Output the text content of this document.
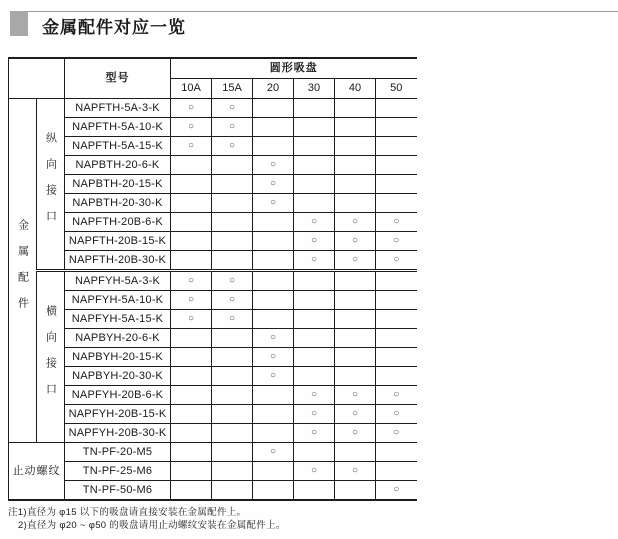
金属配件对应一览
		型号	圆形吸盘					
			10A	15A	20	30	40	50

金属配件	纵向接口	NAPFTH-5A-3-K	○	○				
		NAPFTH-5A-10-K	○	○				
		NAPFTH-5A-15-K	○	○				
		NAPBTH-20-6-K			○			
		NAPBTH-20-15-K			○			
		NAPBTH-20-30-K			○			
		NAPFTH-20B-6-K				○	○	○
		NAPFTH-20B-15-K				○	○	○
		NAPFTH-20B-30-K				○	○	○

	横向接口	NAPFYH-5A-3-K	○	○				
		NAPFYH-5A-10-K	○	○				
		NAPFYH-5A-15-K	○	○				
		NAPBYH-20-6-K			○			
		NAPBYH-20-15-K			○			
		NAPBYH-20-30-K			○			
		NAPFYH-20B-6-K				○	○	○
		NAPFYH-20B-15-K				○	○	○
		NAPFYH-20B-30-K				○	○	○
止动螺纹		TN-PF-20-M5			○			
		TN-PF-25-M6				○	○	
		TN-PF-50-M6						○
注1)直径为 φ15 以下的吸盘请直接安装在金属配件上。
2)直径为 φ20 ~ φ50 的吸盘请用止动螺纹安装在金属配件上。
